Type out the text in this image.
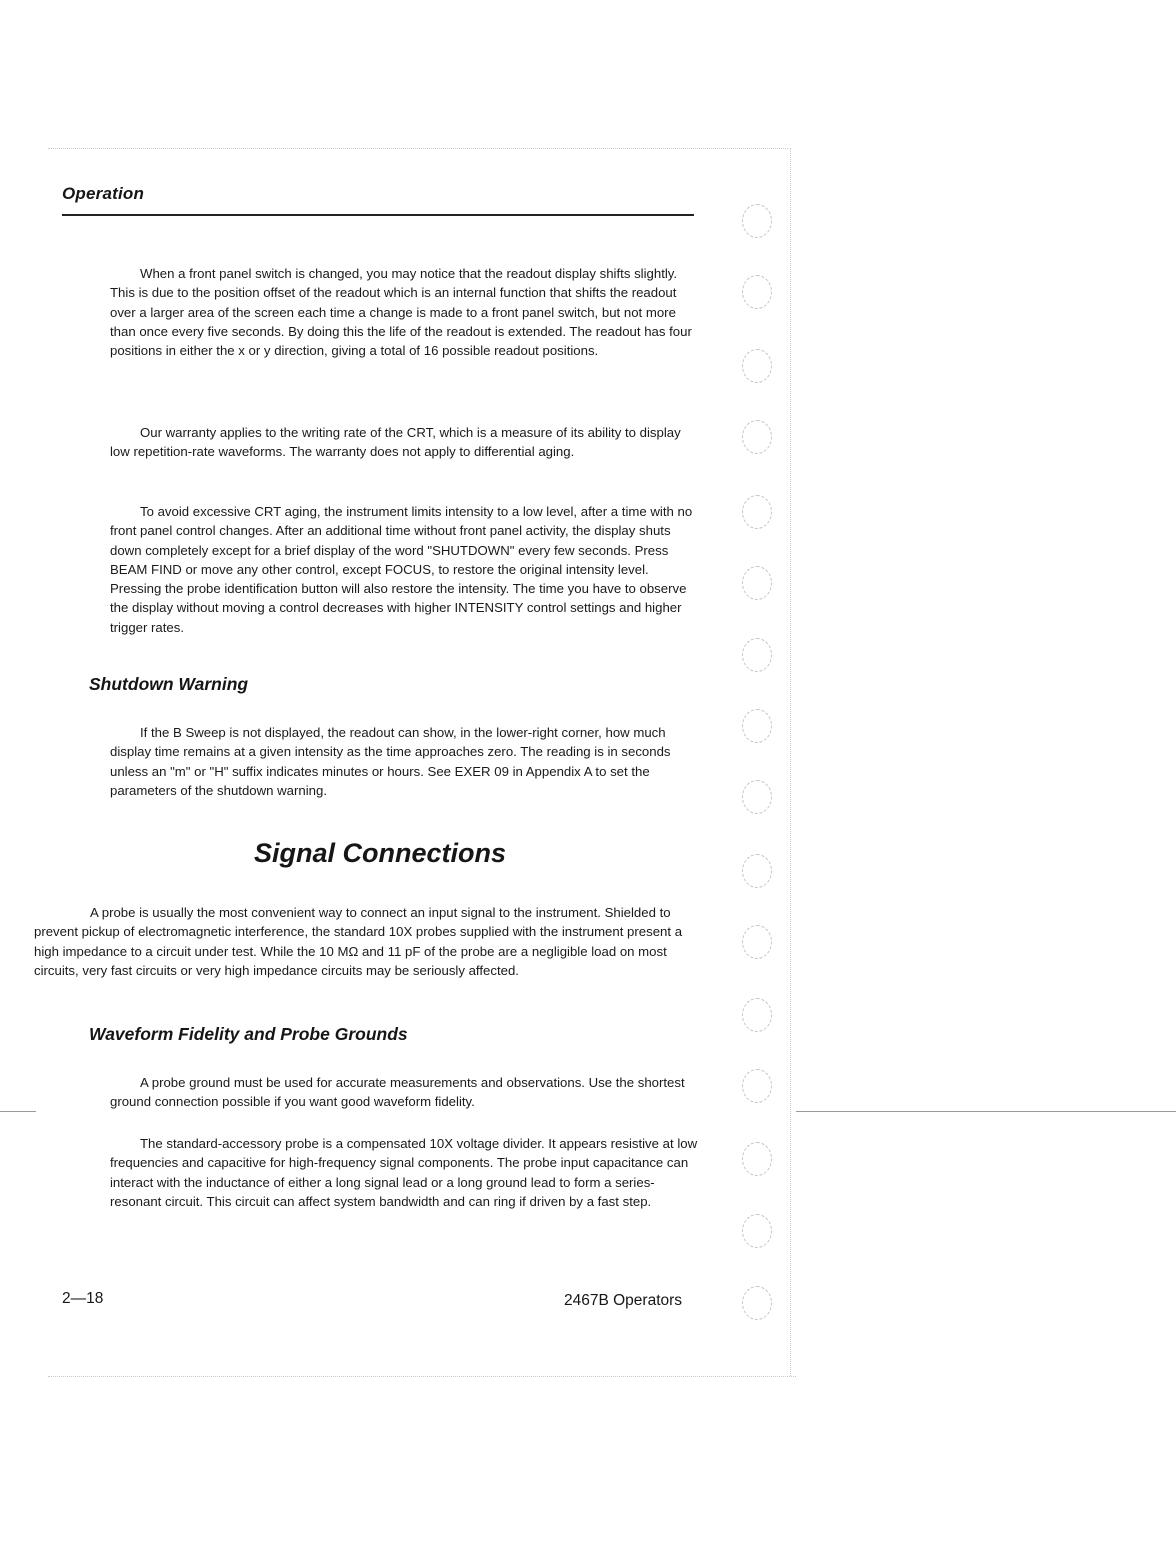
Operation

When a front panel switch is changed, you may notice that the readout display shifts slightly. This is due to the position offset of the readout which is an internal function that shifts the readout over a larger area of the screen each time a change is made to a front panel switch, but not more than once every five seconds. By doing this the life of the readout is extended. The readout has four positions in either the x or y direction, giving a total of 16 possible readout positions.

Our warranty applies to the writing rate of the CRT, which is a measure of its ability to display low repetition-rate waveforms. The warranty does not apply to differential aging.

To avoid excessive CRT aging, the instrument limits intensity to a low level, after a time with no front panel control changes. After an additional time without front panel activity, the display shuts down completely except for a brief display of the word "SHUTDOWN" every few seconds. Press BEAM FIND or move any other control, except FOCUS, to restore the original intensity level. Pressing the probe identification button will also restore the intensity. The time you have to observe the display without moving a control decreases with higher INTENSITY control settings and higher trigger rates.

Shutdown Warning

If the B Sweep is not displayed, the readout can show, in the lower-right corner, how much display time remains at a given intensity as the time approaches zero. The reading is in seconds unless an "m" or "H" suffix indicates minutes or hours. See EXER 09 in Appendix A to set the parameters of the shutdown warning.

Signal Connections

A probe is usually the most convenient way to connect an input signal to the instrument. Shielded to prevent pickup of electromagnetic interference, the standard 10X probes supplied with the instrument present a high impedance to a circuit under test. While the 10 MΩ and 11 pF of the probe are a negligible load on most circuits, very fast circuits or very high impedance circuits may be seriously affected.

Waveform Fidelity and Probe Grounds

A probe ground must be used for accurate measurements and observations. Use the shortest ground connection possible if you want good waveform fidelity.

The standard-accessory probe is a compensated 10X voltage divider. It appears resistive at low frequencies and capacitive for high-frequency signal components. The probe input capacitance can interact with the inductance of either a long signal lead or a long ground lead to form a series-resonant circuit. This circuit can affect system bandwidth and can ring if driven by a fast step.

2—18	2467B Operators
